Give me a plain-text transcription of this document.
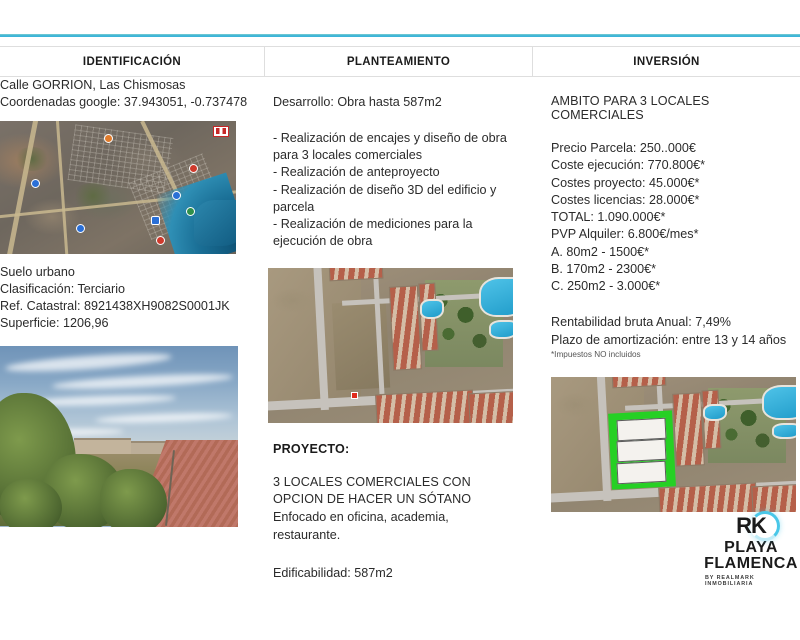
IDENTIFICACIÓN	PLANTEAMIENTO	INVERSIÓN
Calle GORRION, Las Chismosas
Coordenadas google: 37.943051, -0.737478
Suelo urbano
Clasificación: Terciario
Ref. Catastral: 8921438XH9082S0001JK
Superficie: 1206,96
Desarrollo: Obra hasta 587m2
- Realización de encajes y diseño de obra para 3 locales comerciales
- Realización de anteproyecto
- Realización de diseño 3D del edificio y parcela
- Realización de mediciones para la ejecución de obra
PROYECTO:
3 LOCALES COMERCIALES CON OPCION DE HACER UN SÓTANO
Enfocado en oficina, academia, restaurante.
Edificabilidad: 587m2
AMBITO PARA 3 LOCALES COMERCIALES
Precio Parcela: 250..000€
Coste ejecución: 770.800€*
Costes proyecto: 45.000€*
Costes licencias: 28.000€*
TOTAL: 1.090.000€*
PVP Alquiler: 6.800€/mes*
A. 80m2 - 1500€*
B. 170m2 - 2300€*
C. 250m2 - 3.000€*
Rentabilidad bruta Anual: 7,49%
Plazo de amortización: entre 13 y 14 años
*Impuestos NO incluidos
RK
PLAYA
FLAMENCA
BY REALMARK INMOBILIARIA
